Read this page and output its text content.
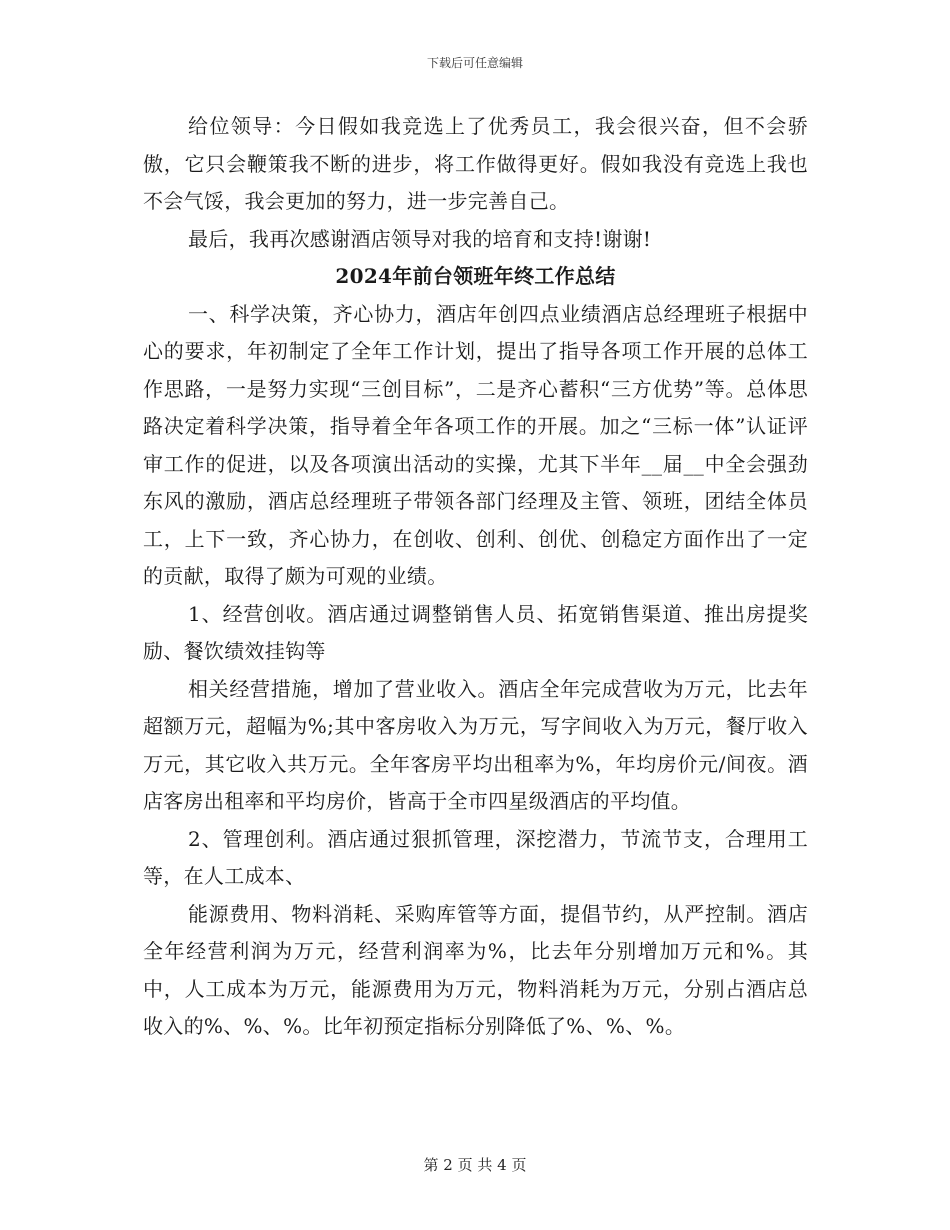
下载后可任意编辑

给位领导：今日假如我竞选上了优秀员工，我会很兴奋，但不会骄傲，它只会鞭策我不断的进步，将工作做得更好。假如我没有竞选上我也不会气馁，我会更加的努力，进一步完善自己。

最后，我再次感谢酒店领导对我的培育和支持!谢谢!

2024年前台领班年终工作总结

一、科学决策，齐心协力，酒店年创四点业绩酒店总经理班子根据中心的要求，年初制定了全年工作计划，提出了指导各项工作开展的总体工作思路，一是努力实现“三创目标”，二是齐心蓄积“三方优势”等。总体思路决定着科学决策，指导着全年各项工作的开展。加之“三标一体”认证评审工作的促进，以及各项演出活动的实操，尤其下半年__届__中全会强劲东风的激励，酒店总经理班子带领各部门经理及主管、领班，团结全体员工，上下一致，齐心协力，在创收、创利、创优、创稳定方面作出了一定的贡献，取得了颇为可观的业绩。

1、经营创收。酒店通过调整销售人员、拓宽销售渠道、推出房提奖励、餐饮绩效挂钩等

相关经营措施，增加了营业收入。酒店全年完成营收为万元，比去年超额万元，超幅为%;其中客房收入为万元，写字间收入为万元，餐厅收入万元，其它收入共万元。全年客房平均出租率为%，年均房价元/间夜。酒店客房出租率和平均房价，皆高于全市四星级酒店的平均值。

2、管理创利。酒店通过狠抓管理，深挖潜力，节流节支，合理用工等，在人工成本、

能源费用、物料消耗、采购库管等方面，提倡节约，从严控制。酒店全年经营利润为万元，经营利润率为%，比去年分别增加万元和%。其中，人工成本为万元，能源费用为万元，物料消耗为万元，分别占酒店总收入的%、%、%。比年初预定指标分别降低了%、%、%。

第 2 页 共 4 页
